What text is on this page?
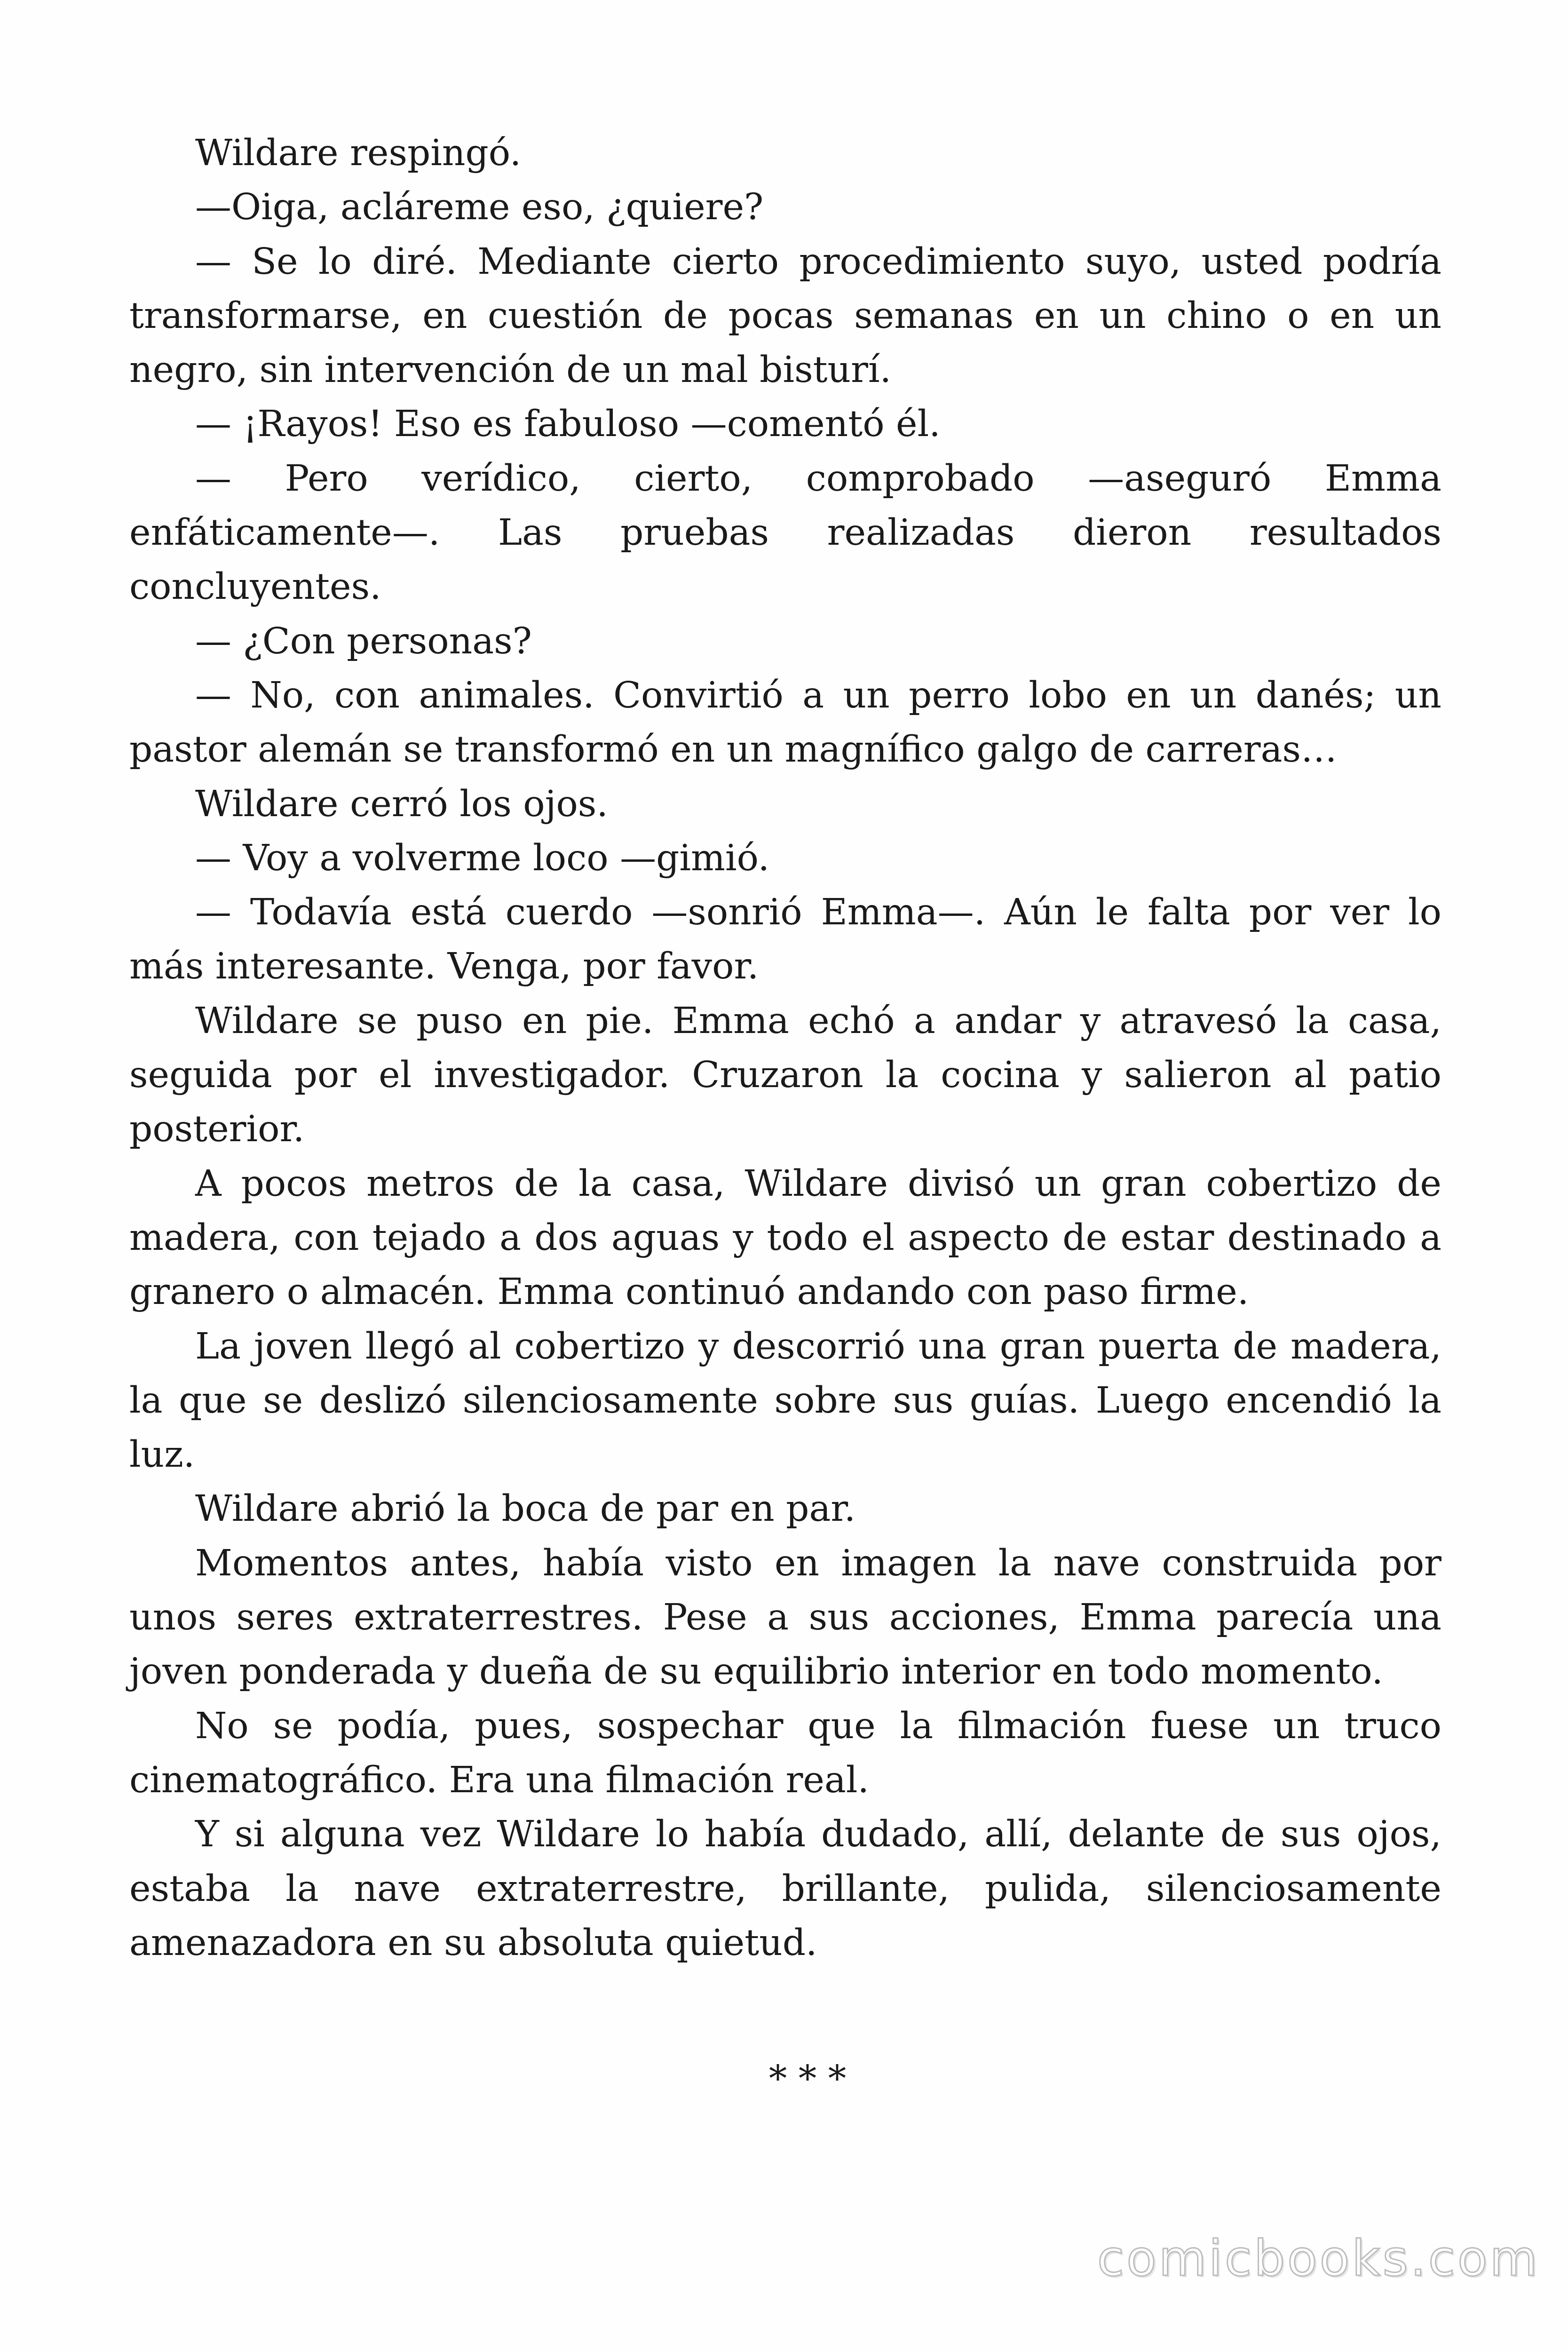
Wildare respingó.

—Oiga, acláreme eso, ¿quiere?

— Se lo diré. Mediante cierto procedimiento suyo, usted podría transformarse, en cuestión de pocas semanas en un chino o en un negro, sin intervención de un mal bisturí.

— ¡Rayos! Eso es fabuloso —comentó él.

— Pero verídico, cierto, comprobado —aseguró Emma enfáticamente—. Las pruebas realizadas dieron resultados concluyentes.

— ¿Con personas?

— No, con animales. Convirtió a un perro lobo en un danés; un pastor alemán se transformó en un magnífico galgo de carreras…

Wildare cerró los ojos.

— Voy a volverme loco —gimió.

— Todavía está cuerdo —sonrió Emma—. Aún le falta por ver lo más interesante. Venga, por favor.

Wildare se puso en pie. Emma echó a andar y atravesó la casa, seguida por el investigador. Cruzaron la cocina y salieron al patio posterior.

A pocos metros de la casa, Wildare divisó un gran cobertizo de madera, con tejado a dos aguas y todo el aspecto de estar destinado a granero o almacén. Emma continuó andando con paso firme.

La joven llegó al cobertizo y descorrió una gran puerta de madera, la que se deslizó silenciosamente sobre sus guías. Luego encendió la luz.

Wildare abrió la boca de par en par.

Momentos antes, había visto en imagen la nave construida por unos seres extraterrestres. Pese a sus acciones, Emma parecía una joven ponderada y dueña de su equilibrio interior en todo momento.

No se podía, pues, sospechar que la filmación fuese un truco cinematográfico. Era una filmación real.

Y si alguna vez Wildare lo había dudado, allí, delante de sus ojos, estaba la nave extraterrestre, brillante, pulida, silenciosamente amenazadora en su absoluta quietud.

* * *
comicbooks.com
